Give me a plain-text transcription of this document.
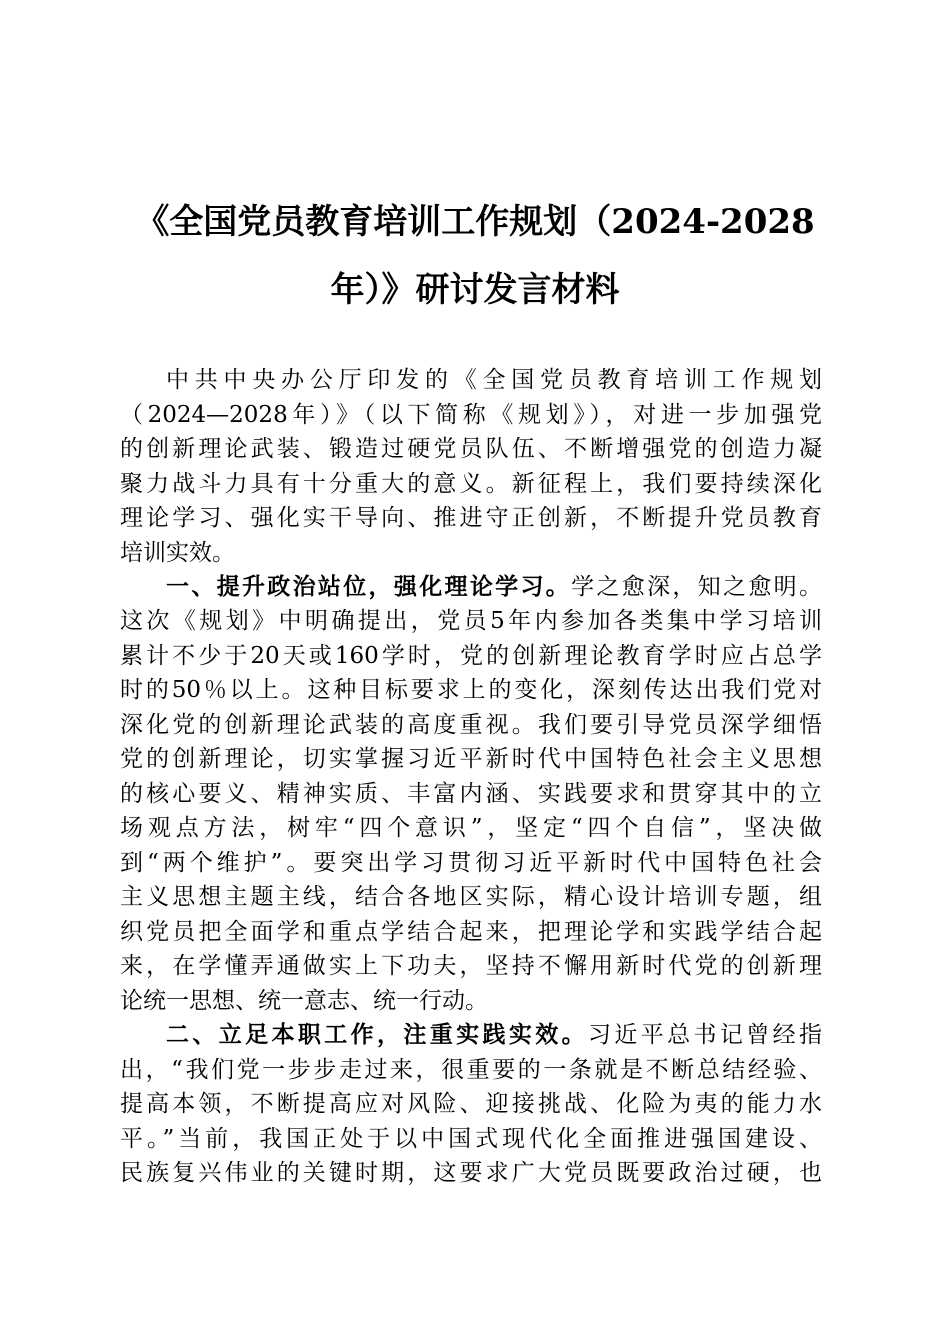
《全国党员教育培训工作规划（2024-2028
年）》研讨发言材料
中共中央办公厅印发的《全国党员教育培训工作规划
（2024—2028年）》（以下简称《规划》），对进一步加强党
的创新理论武装、锻造过硬党员队伍、不断增强党的创造力凝
聚力战斗力具有十分重大的意义。新征程上，我们要持续深化
理论学习、强化实干导向、推进守正创新，不断提升党员教育
培训实效。
一、提升政治站位，强化理论学习。学之愈深，知之愈明。
这次《规划》中明确提出，党员5年内参加各类集中学习培训
累计不少于20天或160学时，党的创新理论教育学时应占总学
时的50％以上。这种目标要求上的变化，深刻传达出我们党对
深化党的创新理论武装的高度重视。我们要引导党员深学细悟
党的创新理论，切实掌握习近平新时代中国特色社会主义思想
的核心要义、精神实质、丰富内涵、实践要求和贯穿其中的立
场观点方法，树牢“四个意识”，坚定“四个自信”，坚决做
到“两个维护”。要突出学习贯彻习近平新时代中国特色社会
主义思想主题主线，结合各地区实际，精心设计培训专题，组
织党员把全面学和重点学结合起来，把理论学和实践学结合起
来，在学懂弄通做实上下功夫，坚持不懈用新时代党的创新理
论统一思想、统一意志、统一行动。
二、立足本职工作，注重实践实效。习近平总书记曾经指
出，“我们党一步步走过来，很重要的一条就是不断总结经验、
提高本领，不断提高应对风险、迎接挑战、化险为夷的能力水
平。”当前，我国正处于以中国式现代化全面推进强国建设、
民族复兴伟业的关键时期，这要求广大党员既要政治过硬，也
